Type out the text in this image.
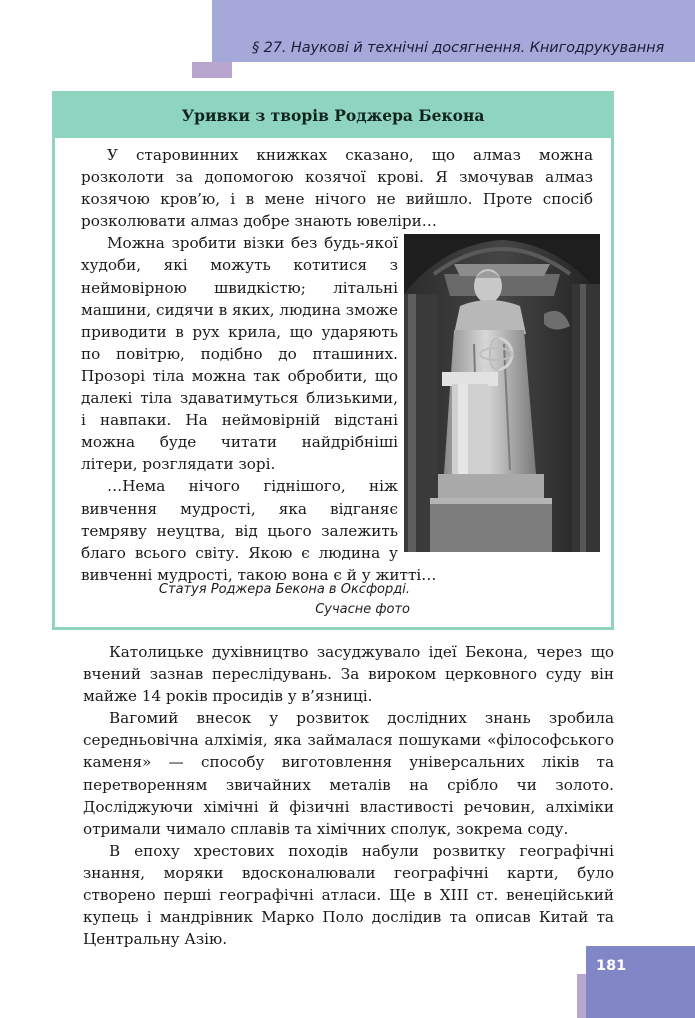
§ 27. Наукові й технічні досягнення. Книгодрукування
Уривки з творів Роджера Бекона

У старовинних книжках сказано, що алмаз можна розколоти за допомогою козячої крові. Я змочував алмаз козячою кров’ю, і в мене нічого не вийшло. Проте спосіб розколювати алмаз добре знають ювеліри…

Можна зробити візки без будь-якої худоби, які можуть котитися з неймовірною швидкістю; літальні машини, сидячи в яких, людина зможе приводити в рух крила, що ударяють по повітрю, подібно до пташиних. Прозорі тіла можна так обробити, що далекі тіла здаватимуться близькими, і навпаки. На неймовірній відстані можна буде читати найдрібніші літери, розглядати зорі.

…Нема нічого гіднішого, ніж вивчення мудрості, яка відганяє темряву неуцтва, від цього залежить благо всього світу. Якою є людина у вивченні мудрості, такою вона є й у житті…

Статуя Роджера Бекона в Оксфорді.
Сучасне фото

Католицьке духівництво засуджувало ідеї Бекона, через що вчений зазнав переслідувань. За вироком церковного суду він майже 14 років просидів у в’язниці.

Вагомий внесок у розвиток дослідних знань зробила середньовічна алхімія, яка займалася пошуками «філософського каменя» — способу виготовлення універсальних ліків та перетворенням звичайних металів на срібло чи золото. Досліджуючи хімічні й фізичні властивості речовин, алхіміки отримали чимало сплавів та хімічних сполук, зокрема соду.

В епоху хрестових походів набули розвитку географічні знання, моряки вдосконалювали географічні карти, було створено перші географічні атласи. Ще в XIII ст. венеційський купець і мандрівник Марко Поло дослідив та описав Китай та Центральну Азію.

181
